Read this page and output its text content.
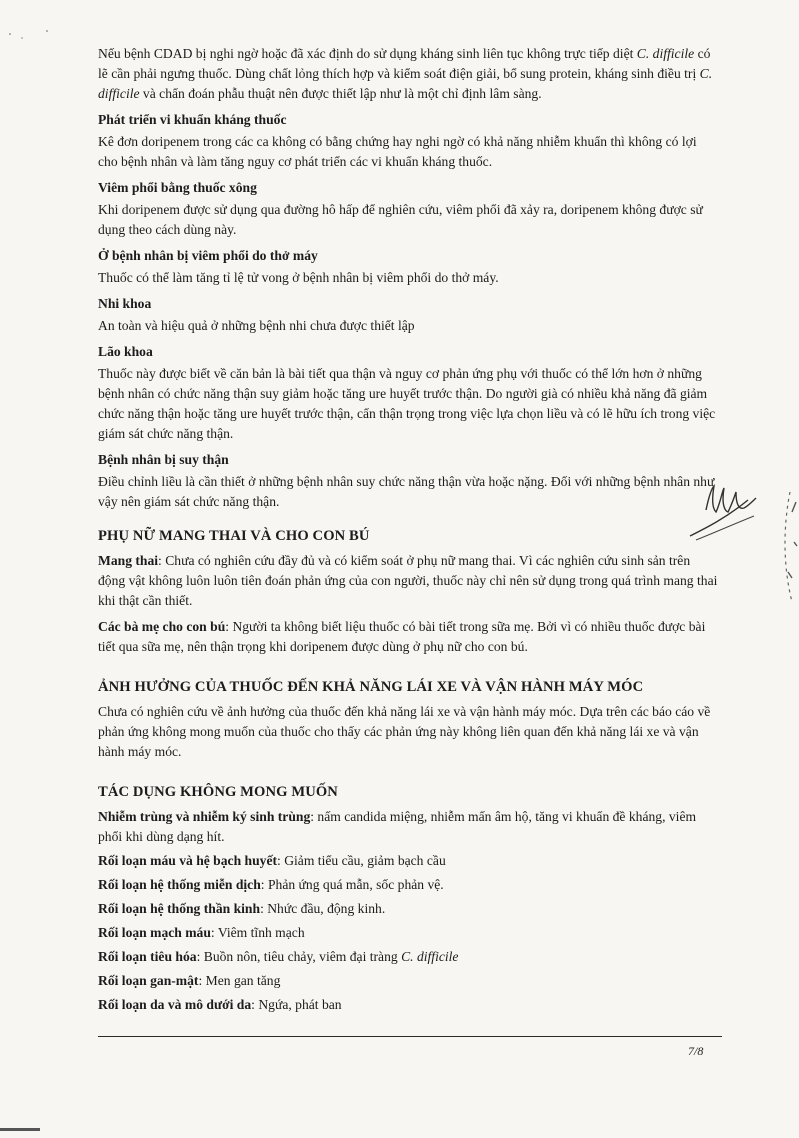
Nếu bệnh CDAD bị nghi ngờ hoặc đã xác định do sử dụng kháng sinh liên tục không trực tiếp diệt C. difficile có lẽ cần phải ngưng thuốc. Dùng chất lỏng thích hợp và kiểm soát điện giải, bổ sung protein, kháng sinh điều trị C. difficile và chẩn đoán phẫu thuật nên được thiết lập như là một chỉ định lâm sàng.

Phát triển vi khuẩn kháng thuốc

Kê đơn doripenem trong các ca không có bằng chứng hay nghi ngờ có khả năng nhiễm khuẩn thì không có lợi cho bệnh nhân và làm tăng nguy cơ phát triển các vi khuẩn kháng thuốc.

Viêm phổi bằng thuốc xông

Khi doripenem được sử dụng qua đường hô hấp để nghiên cứu, viêm phổi đã xảy ra, doripenem không được sử dụng theo cách dùng này.

Ở bệnh nhân bị viêm phổi do thở máy

Thuốc có thể làm tăng tỉ lệ tử vong ở bệnh nhân bị viêm phổi do thở máy.

Nhi khoa

An toàn và hiệu quả ở những bệnh nhi chưa được thiết lập

Lão khoa

Thuốc này được biết về căn bản là bài tiết qua thận và nguy cơ phản ứng phụ với thuốc có thể lớn hơn ở những bệnh nhân có chức năng thận suy giảm hoặc tăng ure huyết trước thận. Do người già có nhiều khả năng đã giảm chức năng thận hoặc tăng ure huyết trước thận, cẩn thận trọng trong việc lựa chọn liều và có lẽ hữu ích trong việc giám sát chức năng thận.

Bệnh nhân bị suy thận

Điều chỉnh liều là cần thiết ở những bệnh nhân suy chức năng thận vừa hoặc nặng. Đối với những bệnh nhân như vậy nên giám sát chức năng thận.

PHỤ NỮ MANG THAI VÀ CHO CON BÚ

Mang thai: Chưa có nghiên cứu đầy đủ và có kiểm soát ở phụ nữ mang thai. Vì các nghiên cứu sinh sản trên động vật không luôn luôn tiên đoán phản ứng của con người, thuốc này chỉ nên sử dụng trong quá trình mang thai khi thật cần thiết.

Các bà mẹ cho con bú: Người ta không biết liệu thuốc có bài tiết trong sữa mẹ. Bởi vì có nhiều thuốc được bài tiết qua sữa mẹ, nên thận trọng khi doripenem được dùng ở phụ nữ cho con bú.

ẢNH HƯỞNG CỦA THUỐC ĐẾN KHẢ NĂNG LÁI XE VÀ VẬN HÀNH MÁY MÓC

Chưa có nghiên cứu về ảnh hưởng của thuốc đến khả năng lái xe và vận hành máy móc. Dựa trên các báo cáo về phản ứng không mong muốn của thuốc cho thấy các phản ứng này không liên quan đến khả năng lái xe và vận hành máy móc.

TÁC DỤNG KHÔNG MONG MUỐN

Nhiễm trùng và nhiễm ký sinh trùng: nấm candida miệng, nhiễm mấn âm hộ, tăng vi khuẩn đề kháng, viêm phổi khi dùng dạng hít.

Rối loạn máu và hệ bạch huyết: Giảm tiểu cầu, giảm bạch cầu

Rối loạn hệ thống miễn dịch: Phản ứng quá mẫn, sốc phản vệ.

Rối loạn hệ thống thần kinh: Nhức đầu, động kinh.

Rối loạn mạch máu: Viêm tĩnh mạch

Rối loạn tiêu hóa: Buồn nôn, tiêu chảy, viêm đại tràng C. difficile

Rối loạn gan-mật: Men gan tăng

Rối loạn da và mô dưới da: Ngứa, phát ban

7/8
